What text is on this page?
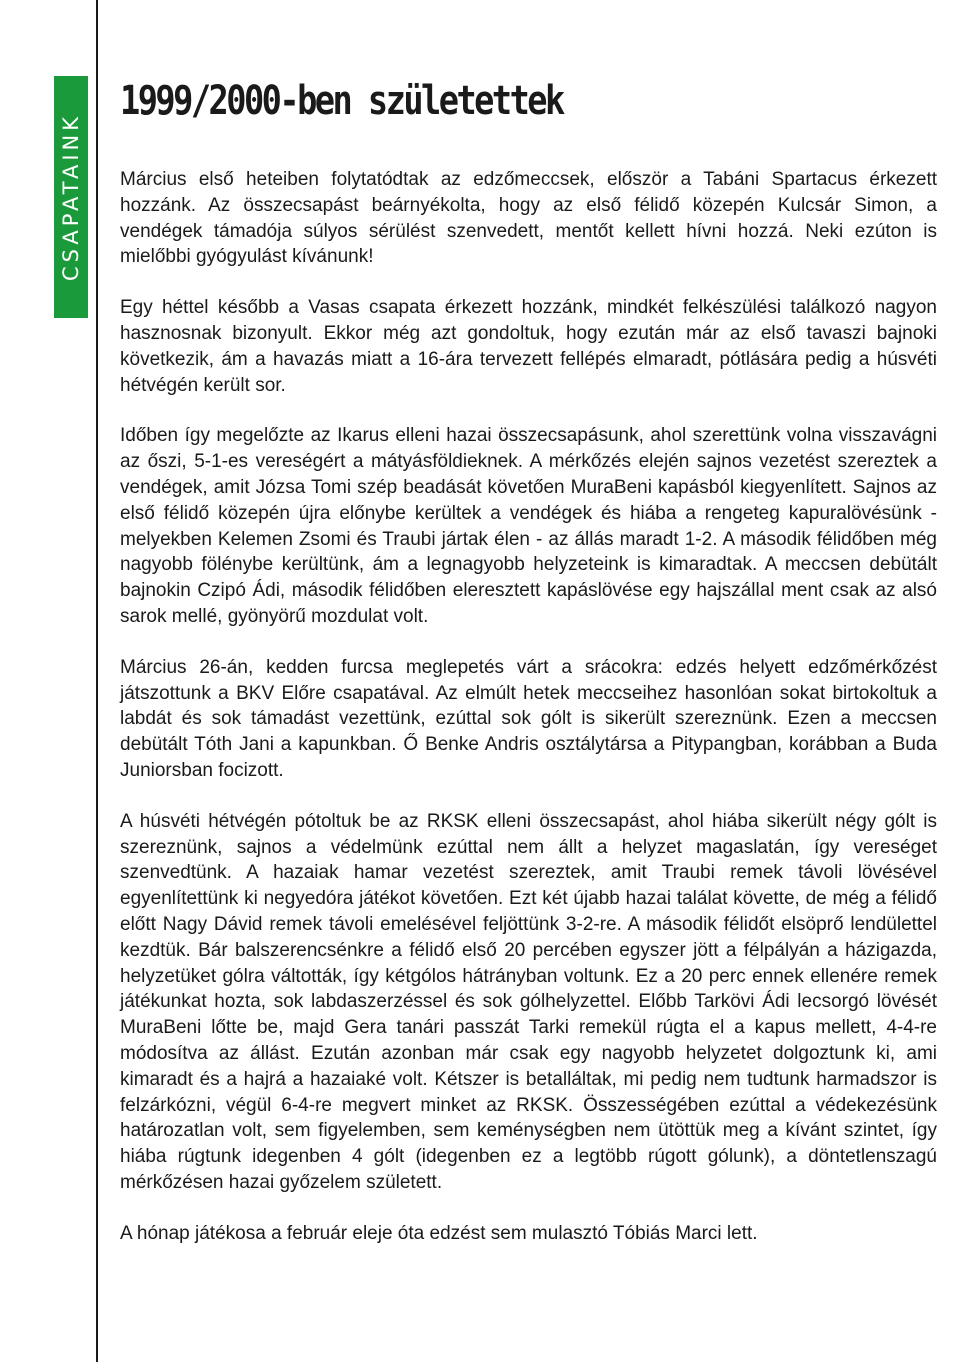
CSAPATAINK
1999/2000-ben születettek

Március első heteiben folytatódtak az edzőmeccsek, először a Tabáni Spartacus érkezett hozzánk. Az összecsapást beárnyékolta, hogy az első félidő közepén Kulcsár Simon, a vendégek támadója súlyos sérülést szenvedett, mentőt kellett hívni hozzá. Neki ezúton is mielőbbi gyógyulást kívánunk!

Egy héttel később a Vasas csapata érkezett hozzánk, mindkét felkészülési találkozó nagyon hasznosnak bizonyult. Ekkor még azt gondoltuk, hogy ezután már az első tavaszi bajnoki következik, ám a havazás miatt a 16-ára tervezett fellépés elmaradt, pótlására pedig a húsvéti hétvégén került sor.

Időben így megelőzte az Ikarus elleni hazai összecsapásunk, ahol szerettünk volna visszavágni az őszi, 5-1-es vereségért a mátyásföldieknek. A mérkőzés elején sajnos vezetést szereztek a vendégek, amit Józsa Tomi szép beadását követően MuraBeni kapásból kiegyenlített. Sajnos az első félidő közepén újra előnybe kerültek a vendégek és hiába a rengeteg kapuralövésünk - melyekben Kelemen Zsomi és Traubi jártak élen - az állás maradt 1-2. A második félidőben még nagyobb fölénybe kerültünk, ám a legnagyobb helyzeteink is kimaradtak. A meccsen debütált bajnokin Czipó Ádi, második félidőben eleresztett kapáslövése egy hajszállal ment csak az alsó sarok mellé, gyönyörű mozdulat volt.

Március 26-án, kedden furcsa meglepetés várt a srácokra: edzés helyett edzőmérkőzést játszottunk a BKV Előre csapatával. Az elmúlt hetek meccseihez hasonlóan sokat birtokoltuk a labdát és sok támadást vezettünk, ezúttal sok gólt is sikerült szereznünk. Ezen a meccsen debütált Tóth Jani a kapunkban. Ő Benke Andris osztálytársa a Pitypangban, korábban a Buda Juniorsban focizott.

A húsvéti hétvégén pótoltuk be az RKSK elleni összecsapást, ahol hiába sikerült négy gólt is szereznünk, sajnos a védelmünk ezúttal nem állt a helyzet magaslatán, így vereséget szenvedtünk. A hazaiak hamar vezetést szereztek, amit Traubi remek távoli lövésével egyenlítettünk ki negyedóra játékot követően. Ezt két újabb hazai találat követte, de még a félidő előtt Nagy Dávid remek távoli emelésével feljöttünk 3-2-re. A második félidőt elsöprő lendülettel kezdtük. Bár balszerencsénkre a félidő első 20 percében egyszer jött a félpályán a házigazda, helyzetüket gólra váltották, így kétgólos hátrányban voltunk. Ez a 20 perc ennek ellenére remek játékunkat hozta, sok labdaszerzéssel és sok gólhelyzettel. Előbb Tarkövi Ádi lecsorgó lövését MuraBeni lőtte be, majd Gera tanári passzát Tarki remekül rúgta el a kapus mellett, 4-4-re módosítva az állást. Ezután azonban már csak egy nagyobb helyzetet dolgoztunk ki, ami kimaradt és a hajrá a hazaiaké volt. Kétszer is betalláltak, mi pedig nem tudtunk harmadszor is felzárkózni, végül 6-4-re megvert minket az RKSK. Összességében ezúttal a védekezésünk határozatlan volt, sem figyelemben, sem keménységben nem ütöttük meg a kívánt szintet, így hiába rúgtunk idegenben 4 gólt (idegenben ez a legtöbb rúgott gólunk), a döntetlenszagú mérkőzésen hazai győzelem született.

A hónap játékosa a február eleje óta edzést sem mulasztó Tóbiás Marci lett.
